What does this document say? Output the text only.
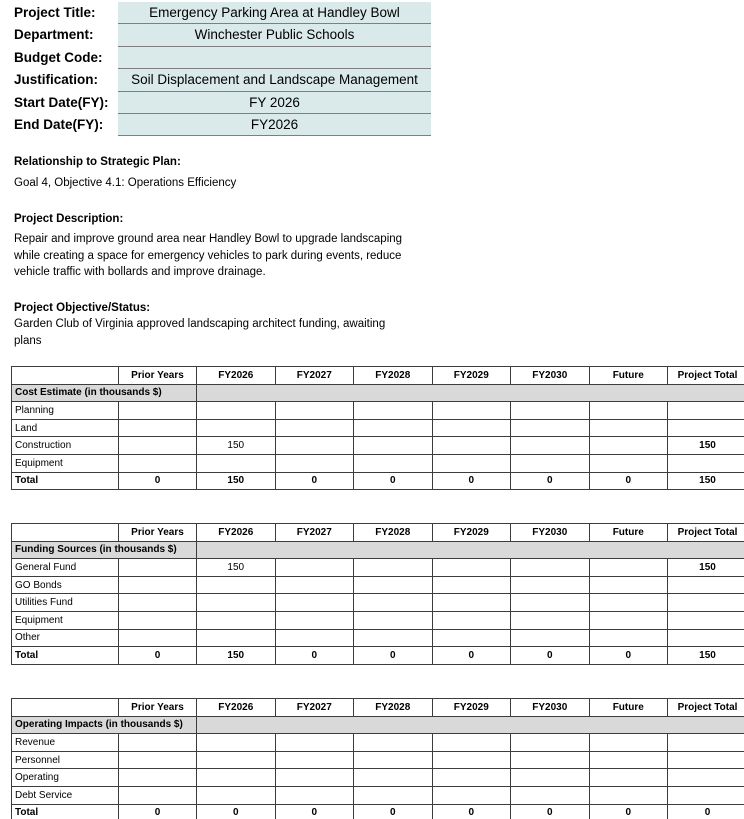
Project Title:	Emergency Parking Area at Handley Bowl
Department:	Winchester Public Schools
Budget Code:
Justification:	Soil Displacement and Landscape Management
Start Date(FY):	FY 2026
End Date(FY):	FY2026
Relationship to Strategic Plan:
Goal 4, Objective 4.1: Operations Efficiency
Project Description:
Repair and improve ground area near Handley Bowl to upgrade landscaping
while creating a space for emergency vehicles to park during events, reduce
vehicle traffic with bollards and improve drainage.
Project Objective/Status:
Garden Club of Virginia approved landscaping architect funding, awaiting
plans
	Prior Years	FY2026	FY2027	FY2028	FY2029	FY2030	Future	Project Total
Cost Estimate (in thousands $)								
Planning								
Land								
Construction		150						150
Equipment								
Total	0	150	0	0	0	0	0	150
	Prior Years	FY2026	FY2027	FY2028	FY2029	FY2030	Future	Project Total
Funding Sources (in thousands $)								
General Fund		150						150
GO Bonds								
Utilities Fund								
Equipment								
Other								
Total	0	150	0	0	0	0	0	150
	Prior Years	FY2026	FY2027	FY2028	FY2029	FY2030	Future	Project Total
Operating Impacts (in thousands $)								
Revenue								
Personnel								
Operating								
Debt Service								
Total	0	0	0	0	0	0	0	0
